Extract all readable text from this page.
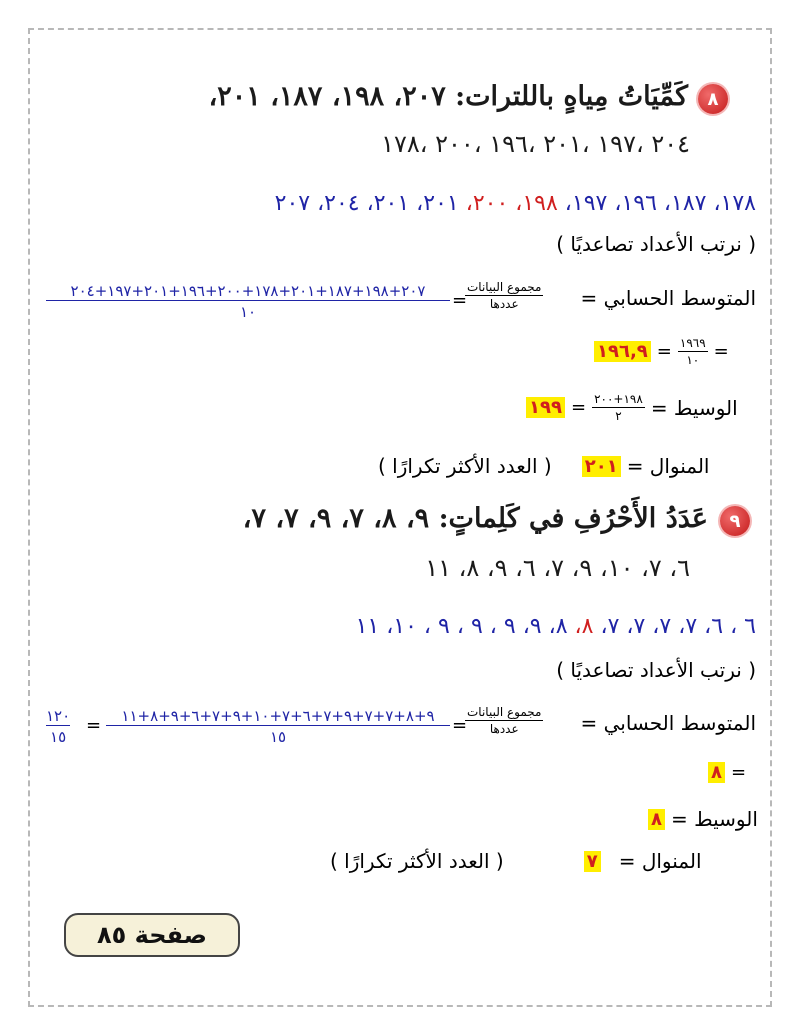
٨
كَمِّيَاتُ مِياهٍ باللترات: ٢٠٧، ١٩٨، ١٨٧، ٢٠١،
٢٠٤ ،١٩٧ ،٢٠١ ،١٩٦ ،٢٠٠ ،١٧٨
١٧٨، ١٨٧، ١٩٦، ١٩٧، ١٩٨، ٢٠٠، ٢٠١، ٢٠١، ٢٠٤، ٢٠٧
( نرتب الأعداد تصاعديًا )
المتوسط الحسابي =
$\frac{\text{مجموع البيانات}}{\text{عددها}}$
=
٢٠٧+١٩٨+١٨٧+٢٠١+١٧٨+٢٠٠+١٩٦+٢٠١+١٩٧+٢٠٤
١٠
١٩٦,٩ = $\frac{١٩٦٩}{١٠}$ =
١٩٩ = $\frac{١٩٨+٢٠٠}{٢}$ الوسيط =
( العدد الأكثر تكرارًا ) ٢٠١ المنوال =
٩
عَدَدُ الأَحْرُفِ في كَلِماتٍ: ٩، ٨، ٧، ٩، ٧، ٧،
٦، ٧، ١٠، ٩، ٧، ٦، ٩، ٨، ١١
٦ ، ٦، ٧، ٧، ٧، ٧، ٨، ٨، ٩، ٩ ، ٩ ، ٩ ، ١٠، ١١
( نرتب الأعداد تصاعديًا )
المتوسط الحسابي =
$\frac{\text{مجموع البيانات}}{\text{عددها}}$
=
٩+٨+٧+٧+٩+٧+٦+٧+١٠+٩+٧+٦+٩+٨+١١
١٥
=
١٢٠
١٥
٨ =
٨ الوسيط =
( العدد الأكثر تكرارًا )	٧ المنوال =
صفحة ٨٥
